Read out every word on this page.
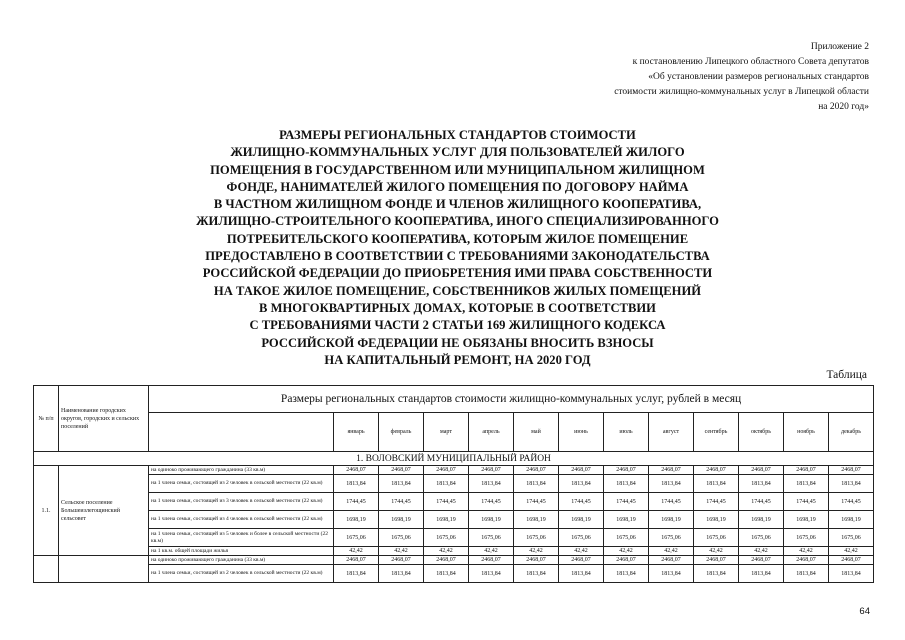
Приложение 2
к постановлению Липецкого областного Совета депутатов
«Об установлении размеров региональных стандартов
стоимости жилищно-коммунальных услуг в Липецкой области
на 2020 год»
РАЗМЕРЫ РЕГИОНАЛЬНЫХ СТАНДАРТОВ СТОИМОСТИ
ЖИЛИЩНО-КОММУНАЛЬНЫХ УСЛУГ ДЛЯ ПОЛЬЗОВАТЕЛЕЙ ЖИЛОГО
ПОМЕЩЕНИЯ В ГОСУДАРСТВЕННОМ ИЛИ МУНИЦИПАЛЬНОМ ЖИЛИЩНОМ
ФОНДЕ, НАНИМАТЕЛЕЙ ЖИЛОГО ПОМЕЩЕНИЯ ПО ДОГОВОРУ НАЙМА
В ЧАСТНОМ ЖИЛИЩНОМ ФОНДЕ И ЧЛЕНОВ ЖИЛИЩНОГО КООПЕРАТИВА,
ЖИЛИЩНО-СТРОИТЕЛЬНОГО КООПЕРАТИВА, ИНОГО СПЕЦИАЛИЗИРОВАННОГО
ПОТРЕБИТЕЛЬСКОГО КООПЕРАТИВА, КОТОРЫМ ЖИЛОЕ ПОМЕЩЕНИЕ
ПРЕДОСТАВЛЕНО В СООТВЕТСТВИИ С ТРЕБОВАНИЯМИ ЗАКОНОДАТЕЛЬСТВА
РОССИЙСКОЙ ФЕДЕРАЦИИ ДО ПРИОБРЕТЕНИЯ ИМИ ПРАВА СОБСТВЕННОСТИ
НА ТАКОЕ ЖИЛОЕ ПОМЕЩЕНИЕ, СОБСТВЕННИКОВ ЖИЛЫХ ПОМЕЩЕНИЙ
В МНОГОКВАРТИРНЫХ ДОМАХ, КОТОРЫЕ В СООТВЕТСТВИИ
С ТРЕБОВАНИЯМИ ЧАСТИ 2 СТАТЬИ 169 ЖИЛИЩНОГО КОДЕКСА
РОССИЙСКОЙ ФЕДЕРАЦИИ НЕ ОБЯЗАНЫ ВНОСИТЬ ВЗНОСЫ
НА КАПИТАЛЬНЫЙ РЕМОНТ, НА 2020 ГОД
Таблица
№ п/п	Наименование городских округов, городских и сельских поселений	Размеры региональных стандартов стоимости жилищно-коммунальных услуг, рублей в месяц												
			январь	февраль	март	апрель	май	июнь	июль	август	сентябрь	октябрь	ноябрь	декабрь
1. ВОЛОВСКИЙ МУНИЦИПАЛЬНЫЙ РАЙОН														
1.1.	Сельское поселение Большеизлегощинский сельсовет	на одиноко проживающего гражданина (33 кв.м)	2468,07	2468,07	2468,07	2468,07	2468,07	2468,07	2468,07	2468,07	2468,07	2468,07	2468,07	2468,07
		на 1 члена семьи, состоящей из 2 человек в сельской местности (22 кв.м)	1813,84	1813,84	1813,84	1813,84	1813,84	1813,84	1813,84	1813,84	1813,84	1813,84	1813,84	1813,84
		на 1 члена семьи, состоящей из 3 человек в сельской местности (22 кв.м)	1744,45	1744,45	1744,45	1744,45	1744,45	1744,45	1744,45	1744,45	1744,45	1744,45	1744,45	1744,45
		на 1 члена семьи, состоящей из 4 человек в сельской местности (22 кв.м)	1698,19	1698,19	1698,19	1698,19	1698,19	1698,19	1698,19	1698,19	1698,19	1698,19	1698,19	1698,19
		на 1 члена семьи, состоящей из 5 человек и более в сельской местности (22 кв.м)	1675,06	1675,06	1675,06	1675,06	1675,06	1675,06	1675,06	1675,06	1675,06	1675,06	1675,06	1675,06
		на 1 кв.м. общей площади жилья	42,42	42,42	42,42	42,42	42,42	42,42	42,42	42,42	42,42	42,42	42,42	42,42
		на одиноко проживающего гражданина (33 кв.м)	2468,07	2468,07	2468,07	2468,07	2468,07	2468,07	2468,07	2468,07	2468,07	2468,07	2468,07	2468,07
		на 1 члена семьи, состоящей из 2 человек в сельской местности (22 кв.м)	1813,84	1813,84	1813,84	1813,84	1813,84	1813,84	1813,84	1813,84	1813,84	1813,84	1813,84	1813,84
64
